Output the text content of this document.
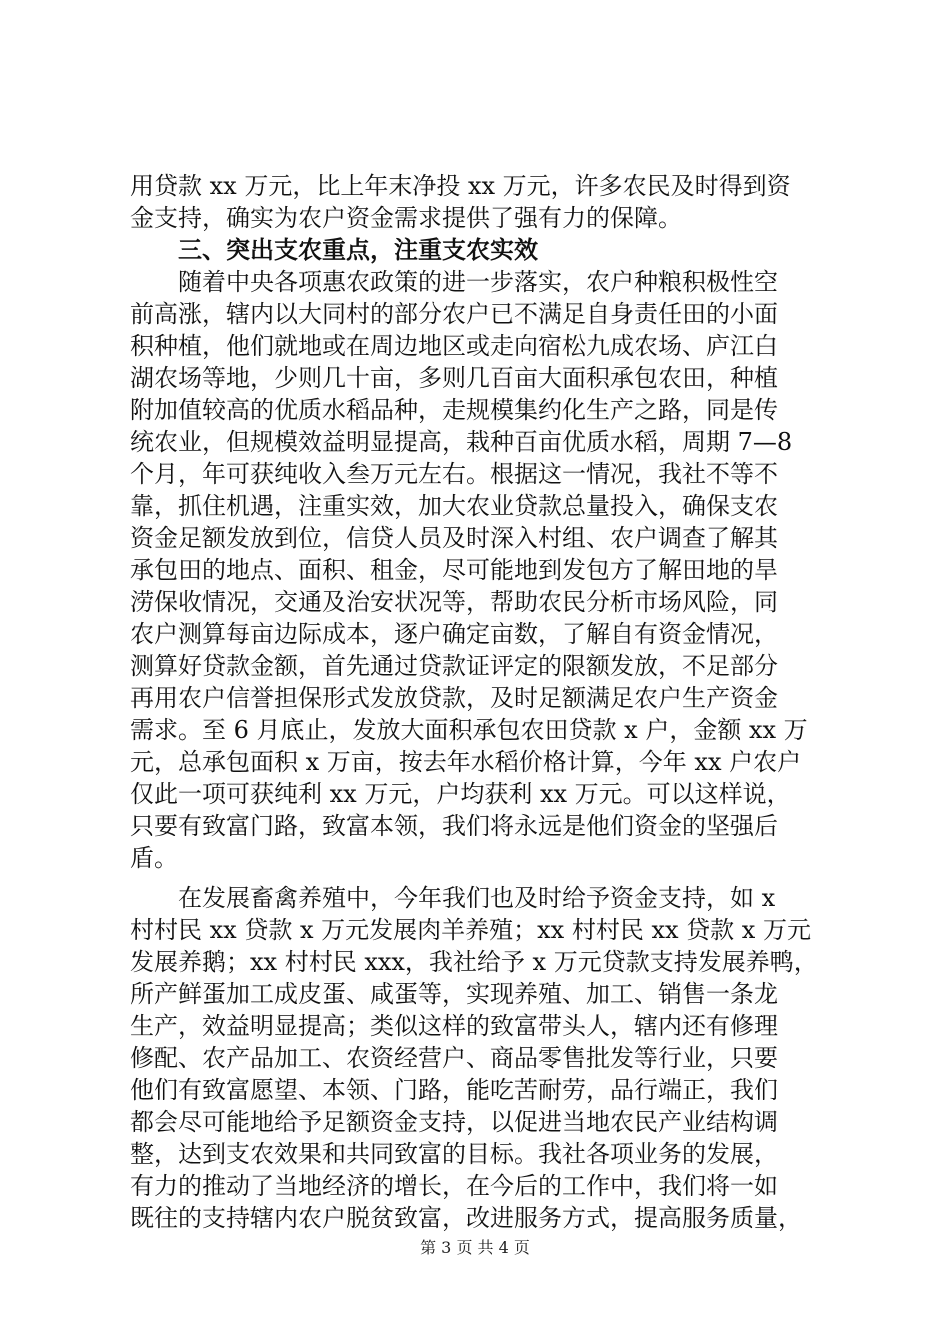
用贷款 xx 万元，比上年末净投 xx 万元，许多农民及时得到资
金支持，确实为农户资金需求提供了强有力的保障。
　　三、突出支农重点，注重支农实效
　　随着中央各项惠农政策的进一步落实，农户种粮积极性空
前高涨，辖内以大同村的部分农户已不满足自身责任田的小面
积种植，他们就地或在周边地区或走向宿松九成农场、庐江白
湖农场等地，少则几十亩，多则几百亩大面积承包农田，种植
附加值较高的优质水稻品种，走规模集约化生产之路，同是传
统农业，但规模效益明显提高，栽种百亩优质水稻，周期 7—8
个月，年可获纯收入叁万元左右。根据这一情况，我社不等不
靠，抓住机遇，注重实效，加大农业贷款总量投入，确保支农
资金足额发放到位，信贷人员及时深入村组、农户调查了解其
承包田的地点、面积、租金，尽可能地到发包方了解田地的旱
涝保收情况，交通及治安状况等，帮助农民分析市场风险，同
农户测算每亩边际成本，逐户确定亩数，了解自有资金情况，
测算好贷款金额，首先通过贷款证评定的限额发放，不足部分
再用农户信誉担保形式发放贷款，及时足额满足农户生产资金
需求。至 6 月底止，发放大面积承包农田贷款 x 户，金额 xx 万
元，总承包面积 x 万亩，按去年水稻价格计算，今年 xx 户农户
仅此一项可获纯利 xx 万元，户均获利 xx 万元。可以这样说，
只要有致富门路，致富本领，我们将永远是他们资金的坚强后
盾。
　　在发展畜禽养殖中，今年我们也及时给予资金支持，如 x
村村民 xx 贷款 x 万元发展肉羊养殖；xx 村村民 xx 贷款 x 万元
发展养鹅；xx 村村民 xxx，我社给予 x 万元贷款支持发展养鸭，
所产鲜蛋加工成皮蛋、咸蛋等，实现养殖、加工、销售一条龙
生产，效益明显提高；类似这样的致富带头人，辖内还有修理
修配、农产品加工、农资经营户、商品零售批发等行业，只要
他们有致富愿望、本领、门路，能吃苦耐劳，品行端正，我们
都会尽可能地给予足额资金支持，以促进当地农民产业结构调
整，达到支农效果和共同致富的目标。我社各项业务的发展，
有力的推动了当地经济的增长，在今后的工作中，我们将一如
既往的支持辖内农户脱贫致富，改进服务方式，提高服务质量，
第 3 页 共 4 页
